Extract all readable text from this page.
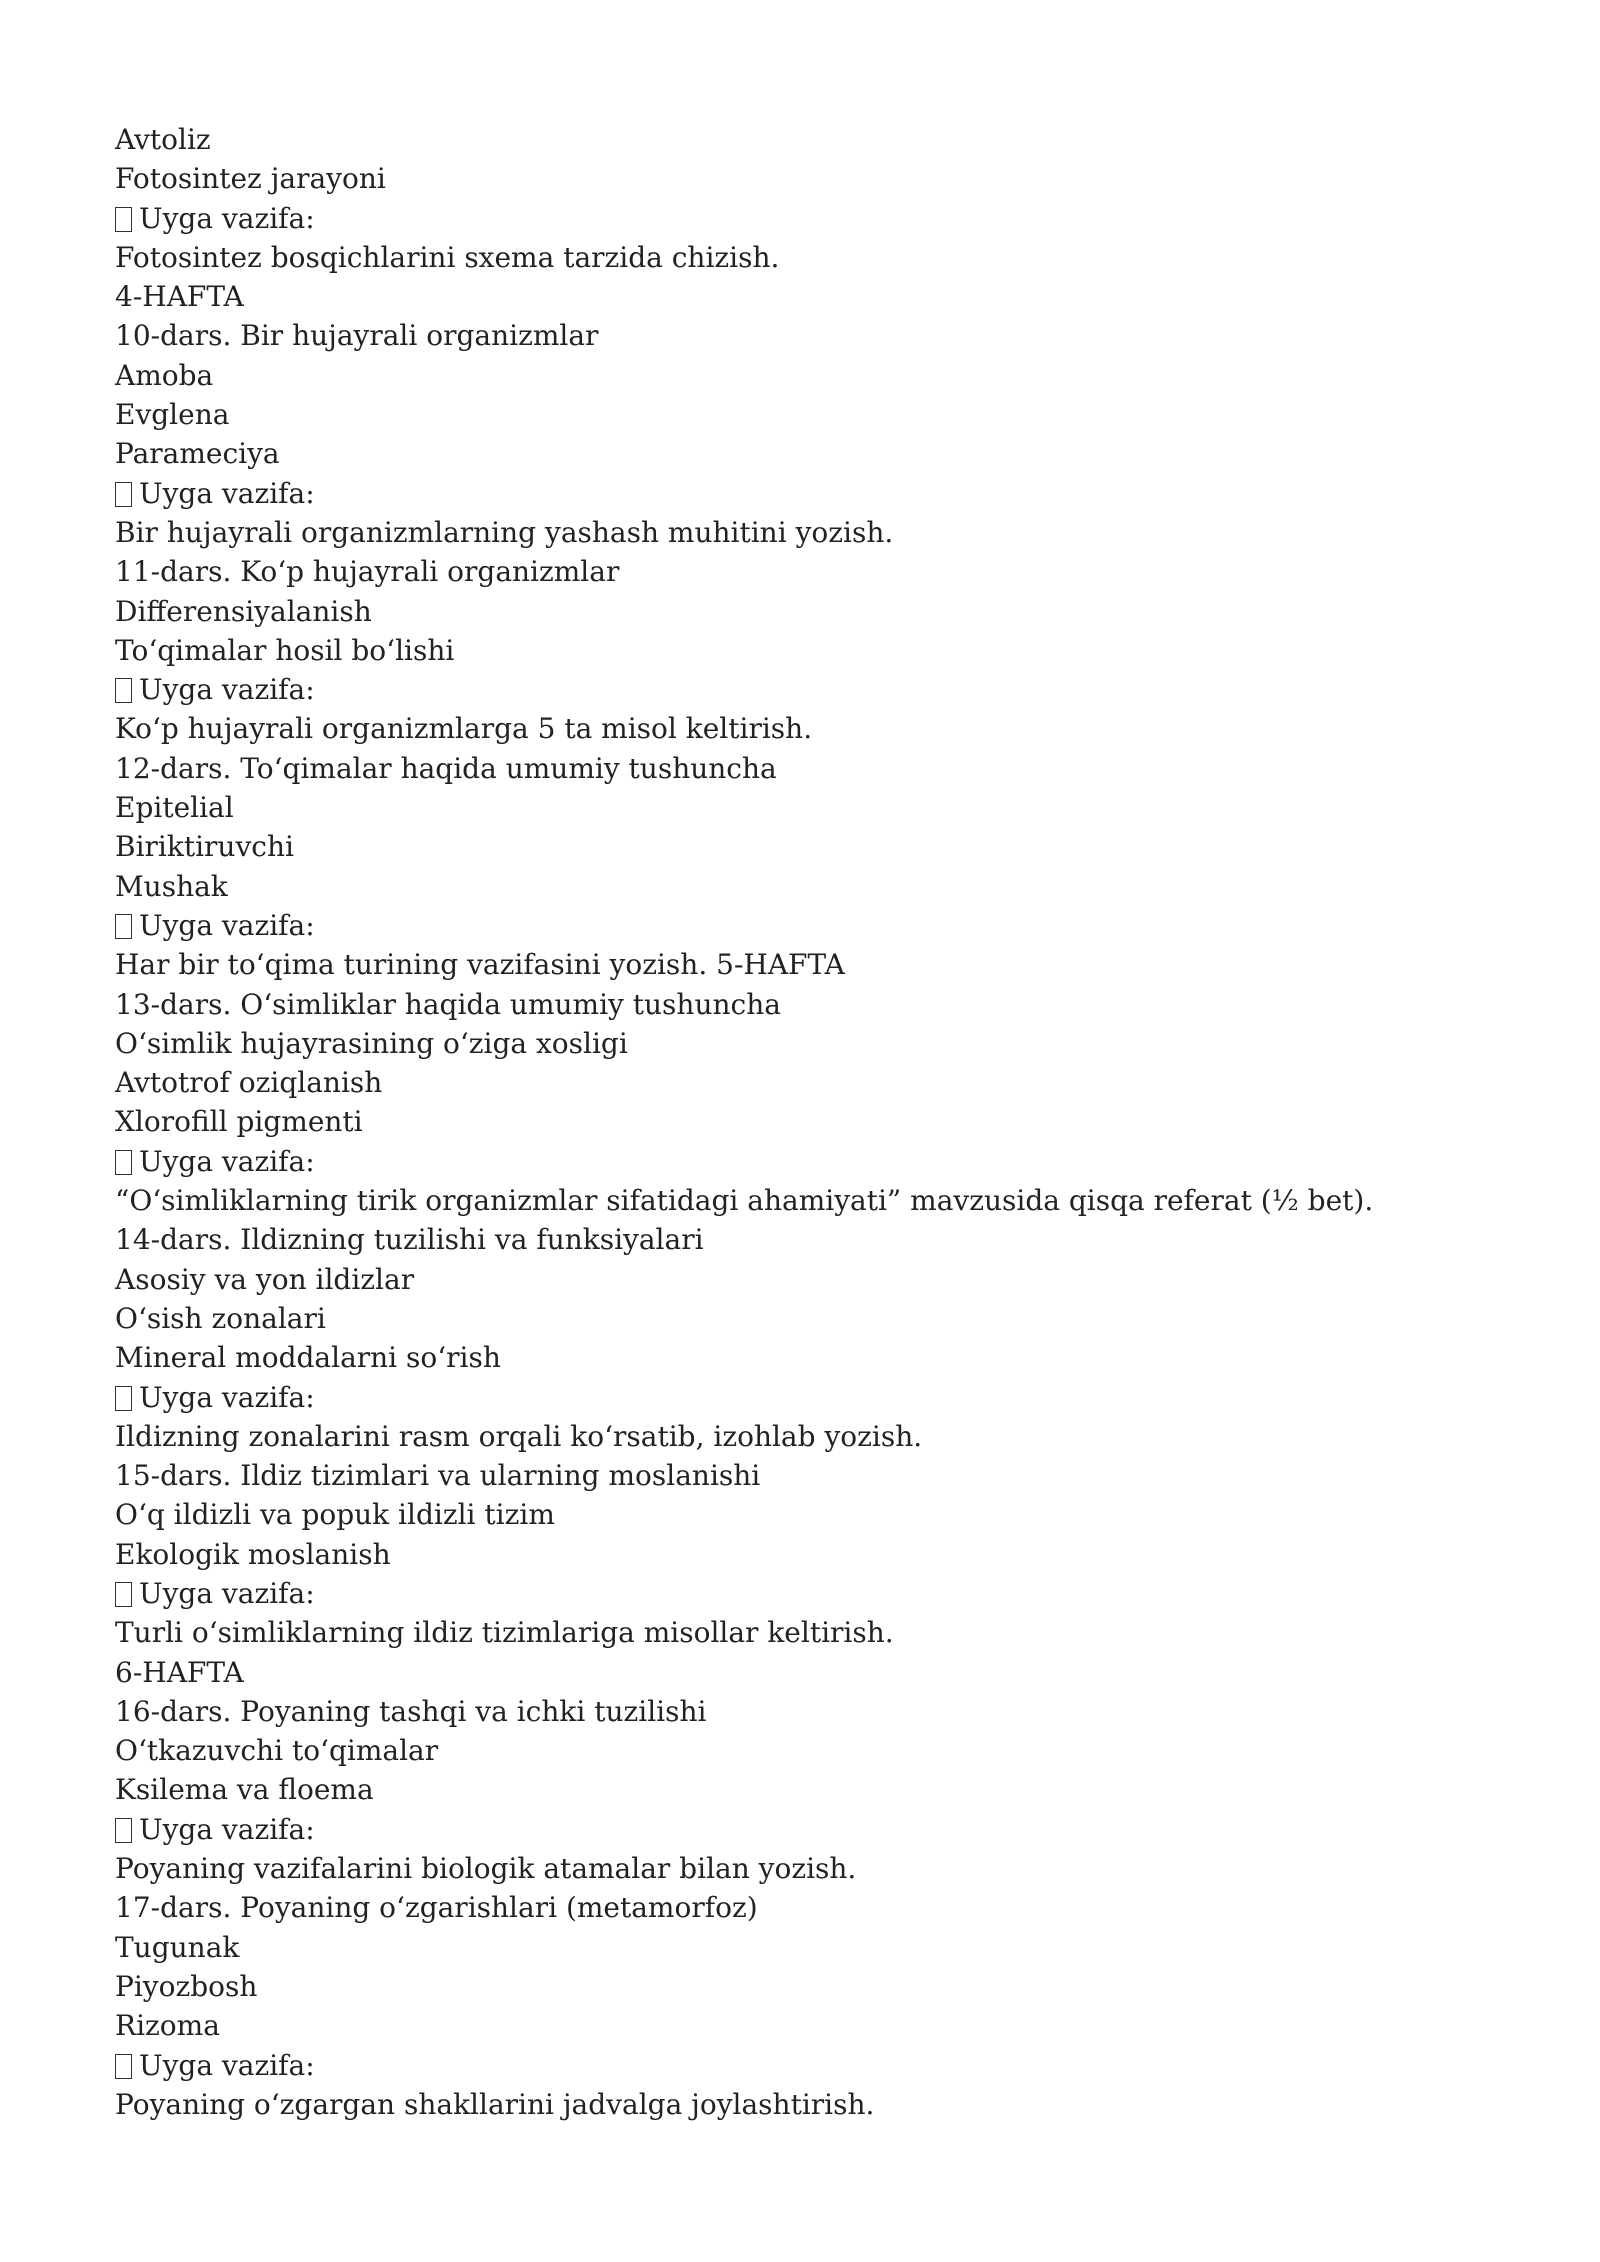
Avtoliz
Fotosintez jarayoni
Uyga vazifa:
Fotosintez bosqichlarini sxema tarzida chizish.
4-HAFTA
10-dars. Bir hujayrali organizmlar
Amoba
Evglena
Parameciya
Uyga vazifa:
Bir hujayrali organizmlarning yashash muhitini yozish.
11-dars. Koʻp hujayrali organizmlar
Differensiyalanish
Toʻqimalar hosil boʻlishi
Uyga vazifa:
Koʻp hujayrali organizmlarga 5 ta misol keltirish.
12-dars. Toʻqimalar haqida umumiy tushuncha
Epitelial
Biriktiruvchi
Mushak
Uyga vazifa:
Har bir toʻqima turining vazifasini yozish. 5-HAFTA
13-dars. Oʻsimliklar haqida umumiy tushuncha
Oʻsimlik hujayrasining oʻziga xosligi
Avtotrof oziqlanish
Xlorofill pigmenti
Uyga vazifa:
“Oʻsimliklarning tirik organizmlar sifatidagi ahamiyati” mavzusida qisqa referat (½ bet).
14-dars. Ildizning tuzilishi va funksiyalari
Asosiy va yon ildizlar
Oʻsish zonalari
Mineral moddalarni soʻrish
Uyga vazifa:
Ildizning zonalarini rasm orqali koʻrsatib, izohlab yozish.
15-dars. Ildiz tizimlari va ularning moslanishi
Oʻq ildizli va popuk ildizli tizim
Ekologik moslanish
Uyga vazifa:
Turli oʻsimliklarning ildiz tizimlariga misollar keltirish.
6-HAFTA
16-dars. Poyaning tashqi va ichki tuzilishi
Oʻtkazuvchi toʻqimalar
Ksilema va floema
Uyga vazifa:
Poyaning vazifalarini biologik atamalar bilan yozish.
17-dars. Poyaning oʻzgarishlari (metamorfoz)
Tugunak
Piyozbosh
Rizoma
Uyga vazifa:
Poyaning oʻzgargan shakllarini jadvalga joylashtirish.
